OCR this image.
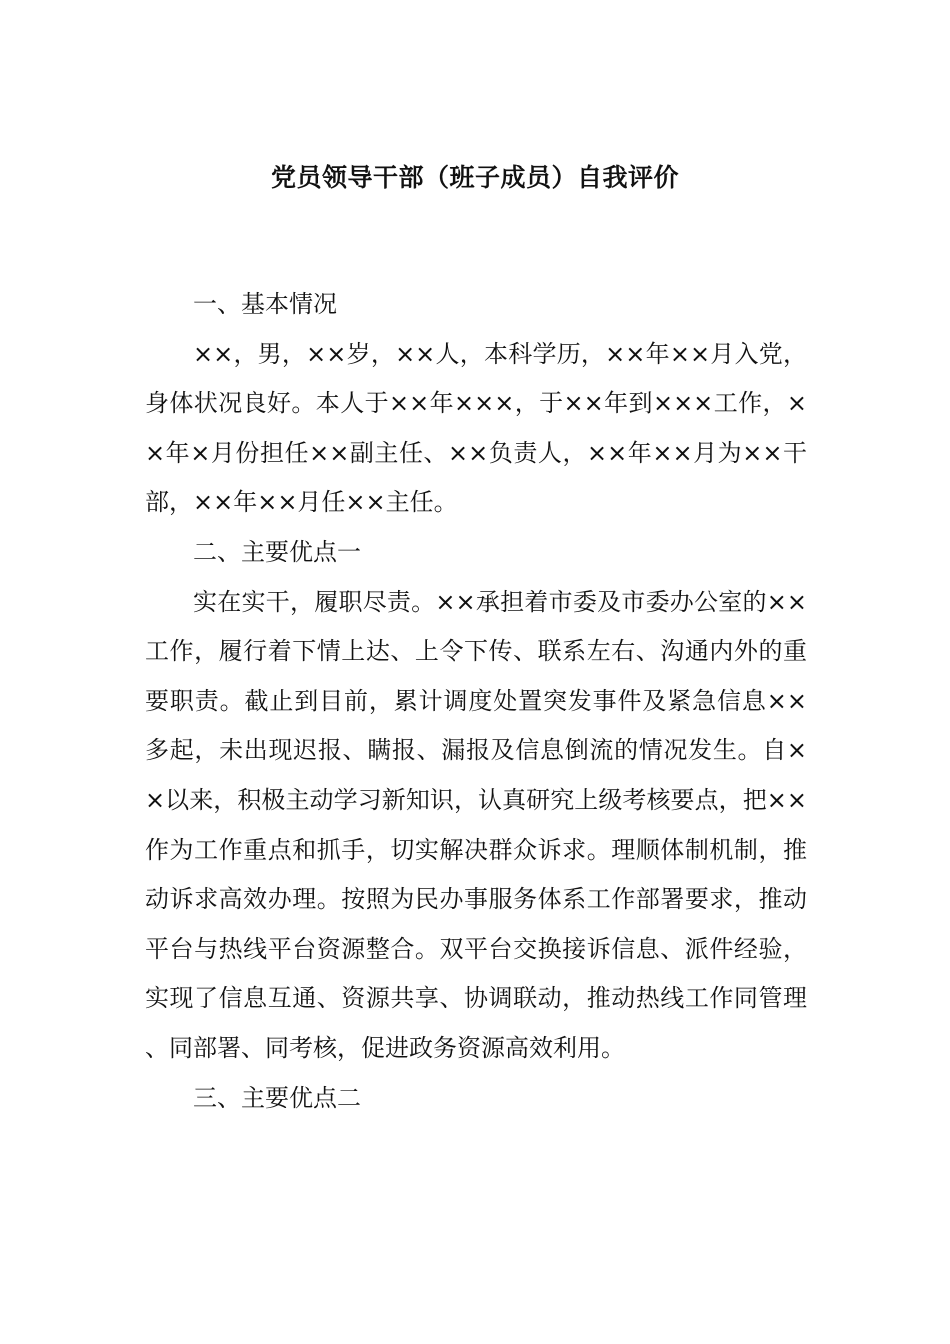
党员领导干部（班子成员）自我评价

一、基本情况

××，男，××岁，××人，本科学历，××年××月入党，身体状况良好。本人于××年×××，于××年到×××工作，××年×月份担任××副主任、××负责人，××年××月为××干部，××年××月任××主任。

二、主要优点一

实在实干，履职尽责。××承担着市委及市委办公室的××工作，履行着下情上达、上令下传、联系左右、沟通内外的重要职责。截止到目前，累计调度处置突发事件及紧急信息××多起，未出现迟报、瞒报、漏报及信息倒流的情况发生。自××以来，积极主动学习新知识，认真研究上级考核要点，把××作为工作重点和抓手，切实解决群众诉求。理顺体制机制，推动诉求高效办理。按照为民办事服务体系工作部署要求，推动平台与热线平台资源整合。双平台交换接诉信息、派件经验，实现了信息互通、资源共享、协调联动，推动热线工作同管理、同部署、同考核，促进政务资源高效利用。

三、主要优点二
